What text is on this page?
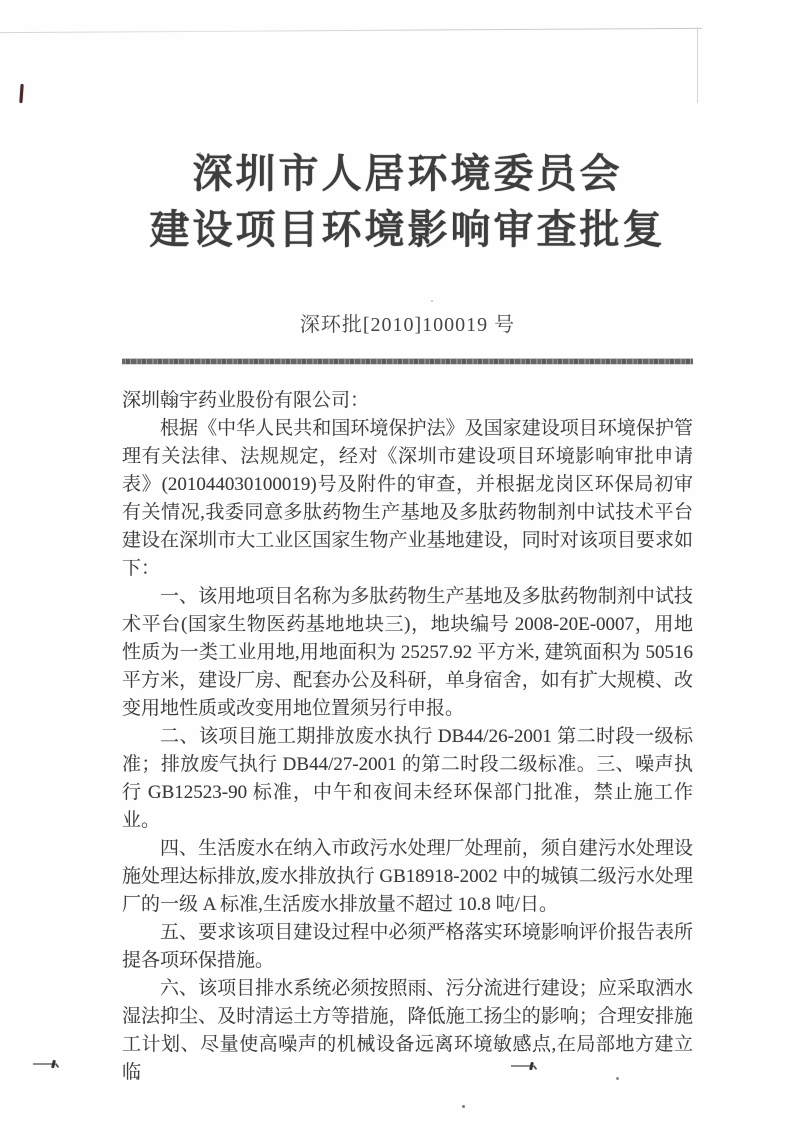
深圳市人居环境委员会
建设项目环境影响审查批复
深环批[2010]100019 号

深圳翰宇药业股份有限公司：

根据《中华人民共和国环境保护法》及国家建设项目环境保护管理有关法律、法规规定，经对《深圳市建设项目环境影响审批申请表》(201044030100019)号及附件的审查，并根据龙岗区环保局初审有关情况,我委同意多肽药物生产基地及多肽药物制剂中试技术平台建设在深圳市大工业区国家生物产业基地建设，同时对该项目要求如下：

一、该用地项目名称为多肽药物生产基地及多肽药物制剂中试技术平台(国家生物医药基地地块三)，地块编号 2008-20E-0007，用地性质为一类工业用地,用地面积为 25257.92 平方米, 建筑面积为 50516 平方米，建设厂房、配套办公及科研，单身宿舍，如有扩大规模、改变用地性质或改变用地位置须另行申报。

二、该项目施工期排放废水执行 DB44/26-2001 第二时段一级标准；排放废气执行 DB44/27-2001 的第二时段二级标准。三、噪声执行 GB12523-90 标准，中午和夜间未经环保部门批准，禁止施工作业。

四、生活废水在纳入市政污水处理厂处理前，须自建污水处理设施处理达标排放,废水排放执行 GB18918-2002 中的城镇二级污水处理厂的一级 A 标准,生活废水排放量不超过 10.8 吨/日。

五、要求该项目建设过程中必须严格落实环境影响评价报告表所提各项环保措施。

六、该项目排水系统必须按照雨、污分流进行建设；应采取洒水湿法抑尘、及时清运土方等措施，降低施工扬尘的影响；合理安排施工计划、尽量使高噪声的机械设备远离环境敏感点,在局部地方建立临
